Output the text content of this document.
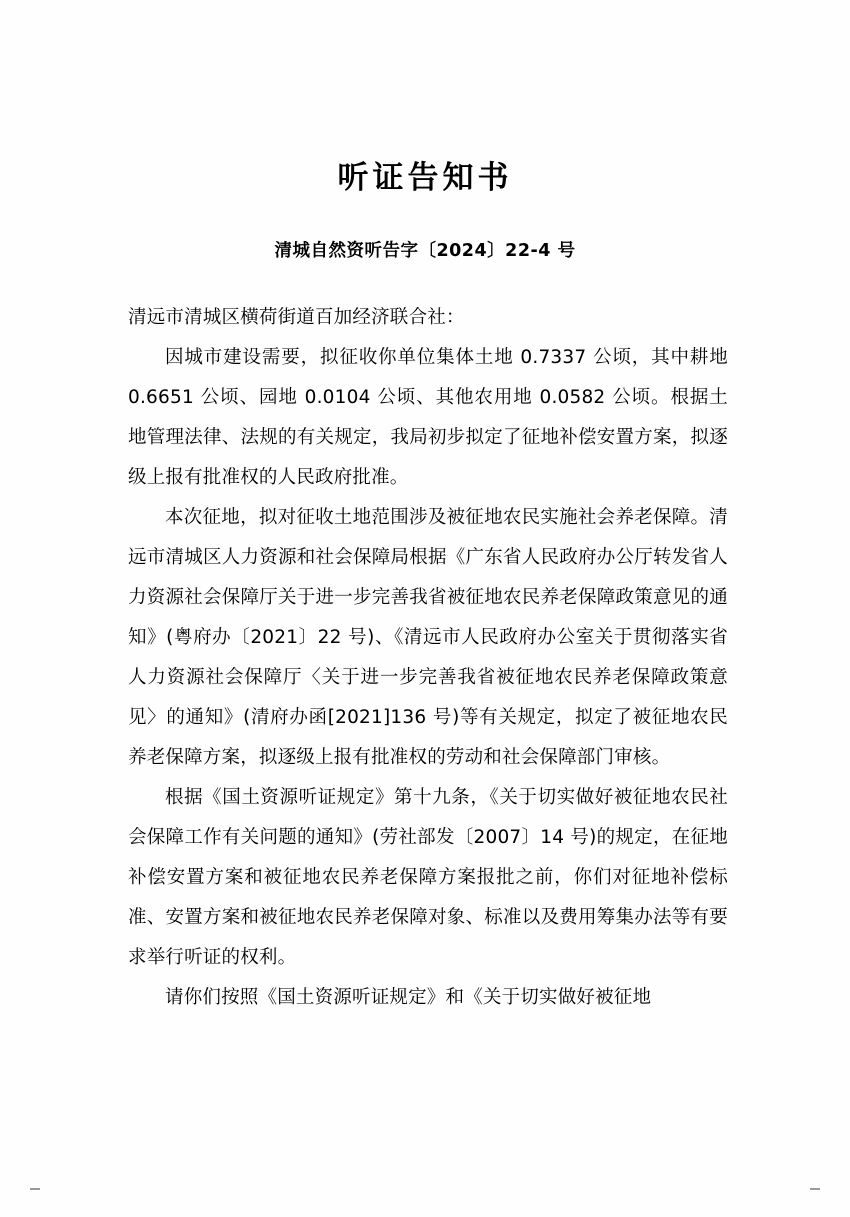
听证告知书
清城自然资听告字〔2024〕22-4 号

清远市清城区横荷街道百加经济联合社：

因城市建设需要，拟征收你单位集体土地 0.7337 公顷，其中耕地 0.6651 公顷、园地 0.0104 公顷、其他农用地 0.0582 公顷。根据土地管理法律、法规的有关规定，我局初步拟定了征地补偿安置方案，拟逐级上报有批准权的人民政府批准。

本次征地，拟对征收土地范围涉及被征地农民实施社会养老保障。清远市清城区人力资源和社会保障局根据《广东省人民政府办公厅转发省人力资源社会保障厅关于进一步完善我省被征地农民养老保障政策意见的通知》(粤府办〔2021〕22 号)、《清远市人民政府办公室关于贯彻落实省人力资源社会保障厅〈关于进一步完善我省被征地农民养老保障政策意见〉的通知》(清府办函[2021]136 号)等有关规定，拟定了被征地农民养老保障方案，拟逐级上报有批准权的劳动和社会保障部门审核。

根据《国土资源听证规定》第十九条，《关于切实做好被征地农民社会保障工作有关问题的通知》(劳社部发〔2007〕14 号)的规定，在征地补偿安置方案和被征地农民养老保障方案报批之前，你们对征地补偿标准、安置方案和被征地农民养老保障对象、标准以及费用筹集办法等有要求举行听证的权利。

请你们按照《国土资源听证规定》和《关于切实做好被征地
